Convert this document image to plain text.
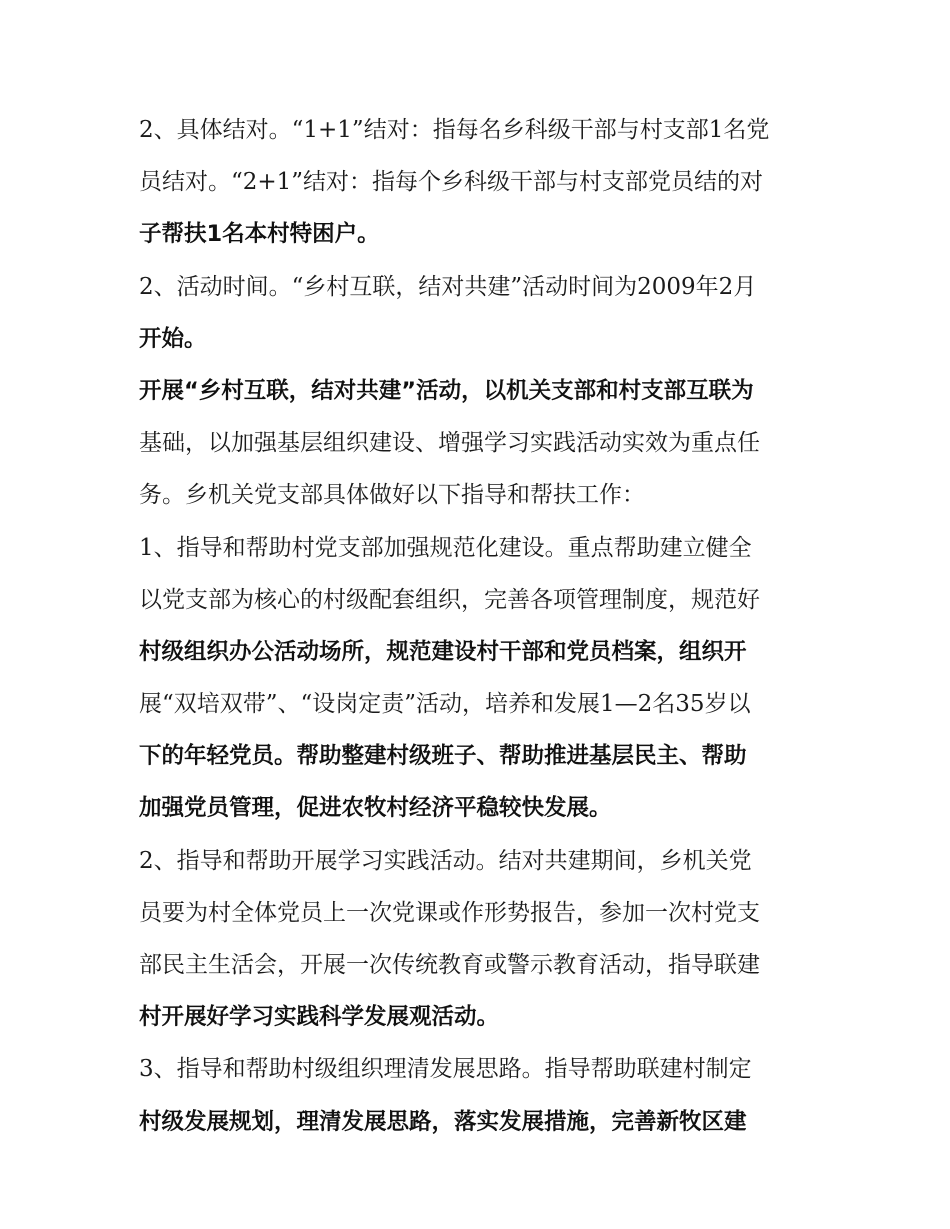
2、具体结对。“1+1”结对：指每名乡科级干部与村支部1名党
员结对。“2+1”结对：指每个乡科级干部与村支部党员结的对
子帮扶1名本村特困户。
2、活动时间。“乡村互联，结对共建”活动时间为2009年2月
开始。
开展“乡村互联，结对共建”活动，以机关支部和村支部互联为
基础，以加强基层组织建设、增强学习实践活动实效为重点任
务。乡机关党支部具体做好以下指导和帮扶工作：
1、指导和帮助村党支部加强规范化建设。重点帮助建立健全
以党支部为核心的村级配套组织，完善各项管理制度，规范好
村级组织办公活动场所，规范建设村干部和党员档案，组织开
展“双培双带”、“设岗定责”活动，培养和发展1—2名35岁以
下的年轻党员。帮助整建村级班子、帮助推进基层民主、帮助
加强党员管理，促进农牧村经济平稳较快发展。
2、指导和帮助开展学习实践活动。结对共建期间，乡机关党
员要为村全体党员上一次党课或作形势报告，参加一次村党支
部民主生活会，开展一次传统教育或警示教育活动，指导联建
村开展好学习实践科学发展观活动。
3、指导和帮助村级组织理清发展思路。指导帮助联建村制定
村级发展规划，理清发展思路，落实发展措施，完善新牧区建
